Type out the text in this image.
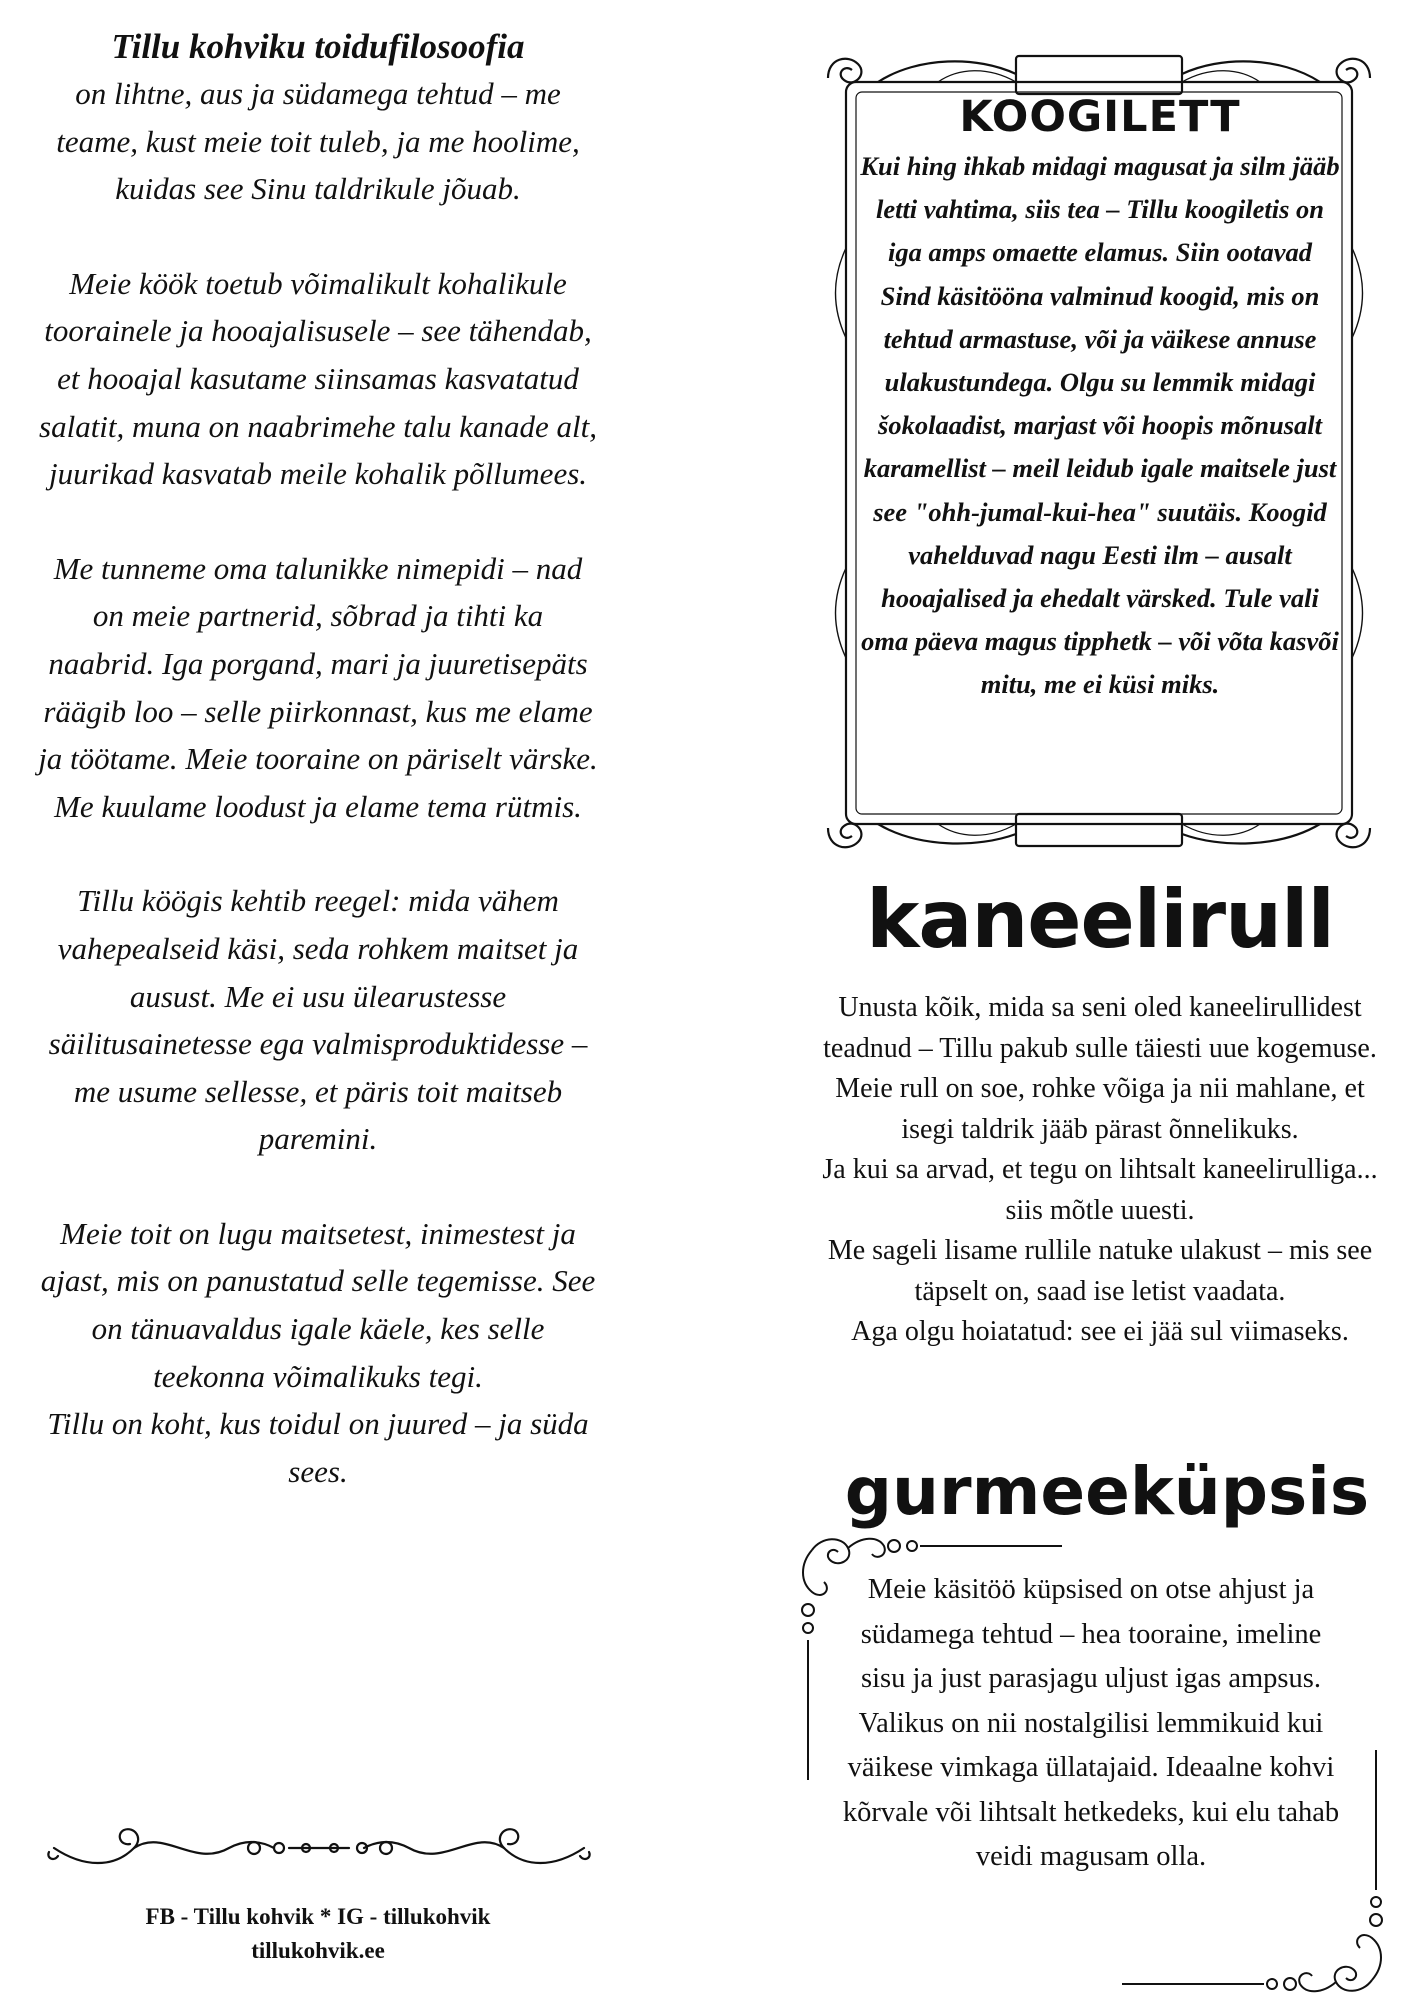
Tillu kohviku toidufilosoofia

on lihtne, aus ja südamega tehtud – me teame, kust meie toit tuleb, ja me hoolime, kuidas see Sinu taldrikule jõuab.

Meie köök toetub võimalikult kohalikule toorainele ja hooajalisusele – see tähendab, et hooajal kasutame siinsamas kasvatatud salatit, muna on naabrimehe talu kanade alt, juurikad kasvatab meile kohalik põllumees.

Me tunneme oma talunikke nimepidi – nad on meie partnerid, sõbrad ja tihti ka naabrid. Iga porgand, mari ja juuretisepäts räägib loo – selle piirkonnast, kus me elame ja töötame. Meie tooraine on päriselt värske. Me kuulame loodust ja elame tema rütmis.

Tillu köögis kehtib reegel: mida vähem vahepealseid käsi, seda rohkem maitset ja ausust. Me ei usu ülearustesse säilitusainetesse ega valmisproduktidesse – me usume sellesse, et päris toit maitseb paremini.

Meie toit on lugu maitsetest, inimestest ja ajast, mis on panustatud selle tegemisse. See on tänuavaldus igale käele, kes selle teekonna võimalikuks tegi.

Tillu on koht, kus toidul on juured – ja süda sees.

FB - Tillu kohvik * IG - tillukohvik
tillukohvik.ee
KOOGILETT

Kui hing ihkab midagi magusat ja silm jääb letti vahtima, siis tea – Tillu koogiletis on iga amps omaette elamus. Siin ootavad Sind käsitööna valminud koogid, mis on tehtud armastuse, või ja väikese annuse ulakustundega. Olgu su lemmik midagi šokolaadist, marjast või hoopis mõnusalt karamellist – meil leidub igale maitsele just see "ohh-jumal-kui-hea" suutäis. Koogid vahelduvad nagu Eesti ilm – ausalt hooajalised ja ehedalt värsked. Tule vali oma päeva magus tipphetk – või võta kasvõi mitu, me ei küsi miks.

kaneelirull

Unusta kõik, mida sa seni oled kaneelirullidest teadnud – Tillu pakub sulle täiesti uue kogemuse.

Meie rull on soe, rohke võiga ja nii mahlane, et isegi taldrik jääb pärast õnnelikuks.

Ja kui sa arvad, et tegu on lihtsalt kaneelirulliga... siis mõtle uuesti.

Me sageli lisame rullile natuke ulakust – mis see täpselt on, saad ise letist vaadata.

Aga olgu hoiatatud: see ei jää sul viimaseks.

gurmeeküpsis

Meie käsitöö küpsised on otse ahjust ja südamega tehtud – hea tooraine, imeline sisu ja just parasjagu uljust igas ampsus. Valikus on nii nostalgilisi lemmikuid kui väikese vimkaga üllatajaid. Ideaalne kohvi kõrvale või lihtsalt hetkedeks, kui elu tahab veidi magusam olla.
